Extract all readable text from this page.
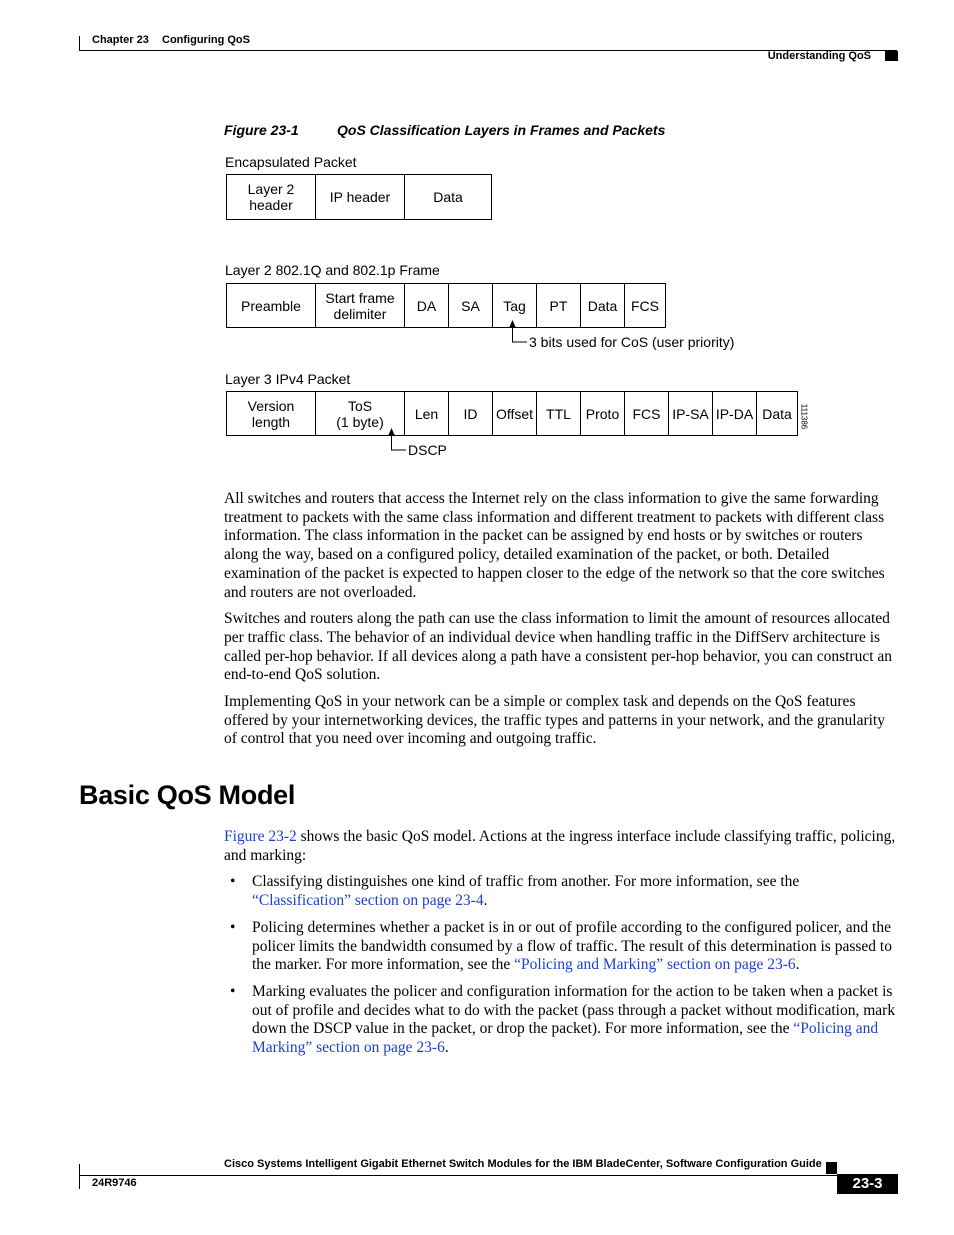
Chapter 23 Configuring QoS
Understanding QoS
Figure 23-1	QoS Classification Layers in Frames and Packets
Encapsulated Packet
Layer 2
header	IP header	Data
Layer 2 802.1Q and 802.1p Frame
Preamble	Start frame
delimiter	DA	SA	Tag	PT	Data	FCS
3 bits used for CoS (user priority)
Layer 3 IPv4 Packet
Version
length	ToS
(1 byte)	Len	ID	Offset	TTL	Proto	FCS	IP-SA	IP-DA	Data
DSCP
111386

All switches and routers that access the Internet rely on the class information to give the same forwarding treatment to packets with the same class information and different treatment to packets with different class information. The class information in the packet can be assigned by end hosts or by switches or routers along the way, based on a configured policy, detailed examination of the packet, or both. Detailed examination of the packet is expected to happen closer to the edge of the network so that the core switches and routers are not overloaded.

Switches and routers along the path can use the class information to limit the amount of resources allocated per traffic class. The behavior of an individual device when handling traffic in the DiffServ architecture is called per-hop behavior. If all devices along a path have a consistent per-hop behavior, you can construct an end-to-end QoS solution.

Implementing QoS in your network can be a simple or complex task and depends on the QoS features offered by your internetworking devices, the traffic types and patterns in your network, and the granularity of control that you need over incoming and outgoing traffic.

Basic QoS Model

Figure 23-2 shows the basic QoS model. Actions at the ingress interface include classifying traffic, policing, and marking:

• Classifying distinguishes one kind of traffic from another. For more information, see the “Classification” section on page 23-4.
• Policing determines whether a packet is in or out of profile according to the configured policer, and the policer limits the bandwidth consumed by a flow of traffic. The result of this determination is passed to the marker. For more information, see the “Policing and Marking” section on page 23-6.
• Marking evaluates the policer and configuration information for the action to be taken when a packet is out of profile and decides what to do with the packet (pass through a packet without modification, mark down the DSCP value in the packet, or drop the packet). For more information, see the “Policing and Marking” section on page 23-6.
Cisco Systems Intelligent Gigabit Ethernet Switch Modules for the IBM BladeCenter, Software Configuration Guide
24R9746	23-3
